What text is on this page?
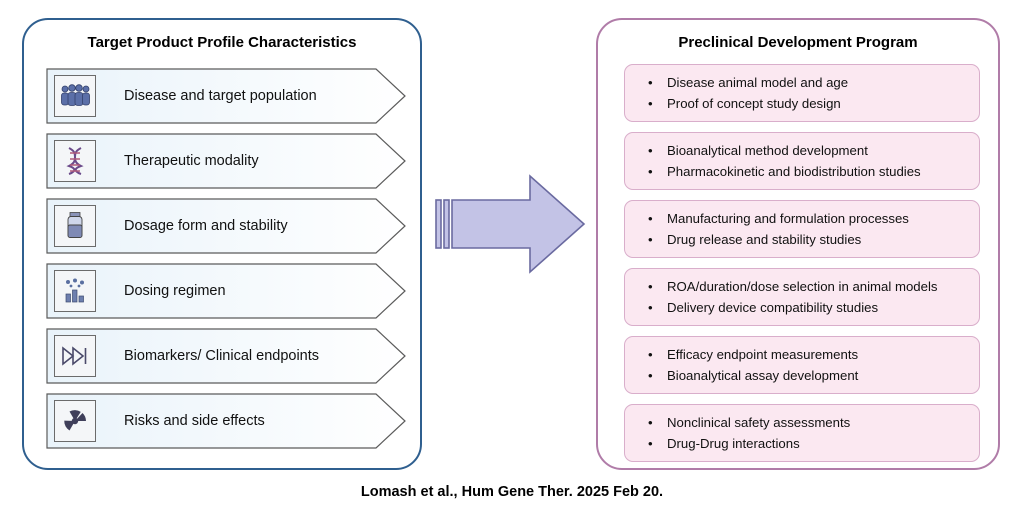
Target Product Profile Characteristics
Disease and target population
Therapeutic modality
Dosage form and stability
Dosing regimen
Biomarkers/ Clinical endpoints
Risks and side effects
Preclinical Development Program
• Disease animal model and age
• Proof of concept study design
• Bioanalytical method development
• Pharmacokinetic and biodistribution studies
• Manufacturing and formulation processes
• Drug release and stability studies
• ROA/duration/dose selection in animal models
• Delivery device compatibility studies
• Efficacy endpoint measurements
• Bioanalytical assay development
• Nonclinical safety assessments
• Drug-Drug interactions
Lomash et al., Hum Gene Ther. 2025 Feb 20.
